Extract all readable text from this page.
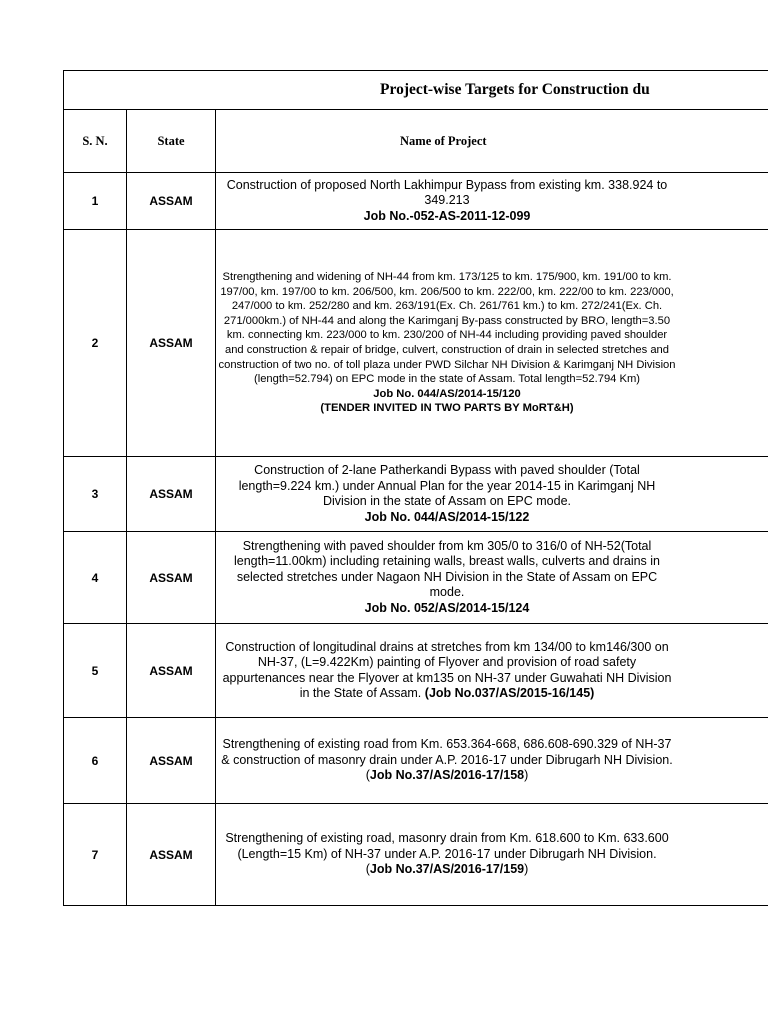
Project-wise Targets for Construction du		
S. N.	State	Name of Project
1	ASSAM	Construction of proposed North Lakhimpur Bypass from existing km. 338.924 to 349.213
Job No.-052-AS-2011-12-099

2	ASSAM	Strengthening and widening of NH-44 from km. 173/125 to km. 175/900, km. 191/00 to km. 197/00, km. 197/00 to km. 206/500, km. 206/500 to km. 222/00, km. 222/00 to km. 223/000, 247/000 to km. 252/280 and km. 263/191(Ex. Ch. 261/761 km.) to km. 272/241(Ex. Ch. 271/000km.) of NH-44 and along the Karimganj By-pass constructed by BRO, length=3.50 km. connecting km. 223/000 to km. 230/200 of NH-44 including providing paved shoulder and construction & repair of bridge, culvert, construction of drain in selected stretches and construction of two no. of toll plaza under PWD Silchar NH Division & Karimganj NH Division (length=52.794) on EPC mode in the state of Assam. Total length=52.794 Km)
Job No. 044/AS/2014-15/120
(TENDER INVITED IN TWO PARTS BY MoRT&H)

3	ASSAM	Construction of 2-lane Patherkandi Bypass with paved shoulder (Total length=9.224 km.) under Annual Plan for the year 2014-15 in Karimganj NH Division in the state of Assam on EPC mode.
Job No. 044/AS/2014-15/122

4	ASSAM	Strengthening with paved shoulder from km 305/0 to 316/0 of NH-52(Total length=11.00km) including retaining walls, breast walls, culverts and drains in selected stretches under Nagaon NH Division in the State of Assam on EPC mode.
Job No. 052/AS/2014-15/124

5	ASSAM	Construction of longitudinal drains at stretches from km 134/00 to km146/300 on NH-37, (L=9.422Km) painting of Flyover and provision of road safety appurtenances near the Flyover at km135 on NH-37 under Guwahati NH Division in the State of Assam. (Job No.037/AS/2015-16/145)

6	ASSAM	Strengthening of existing road from Km. 653.364-668, 686.608-690.329 of NH-37 & construction of masonry drain under A.P. 2016-17 under Dibrugarh NH Division.
(Job No.37/AS/2016-17/158)

7	ASSAM	Strengthening of existing road, masonry drain from Km. 618.600 to Km. 633.600 (Length=15 Km) of NH-37 under A.P. 2016-17 under Dibrugarh NH Division.
(Job No.37/AS/2016-17/159)
